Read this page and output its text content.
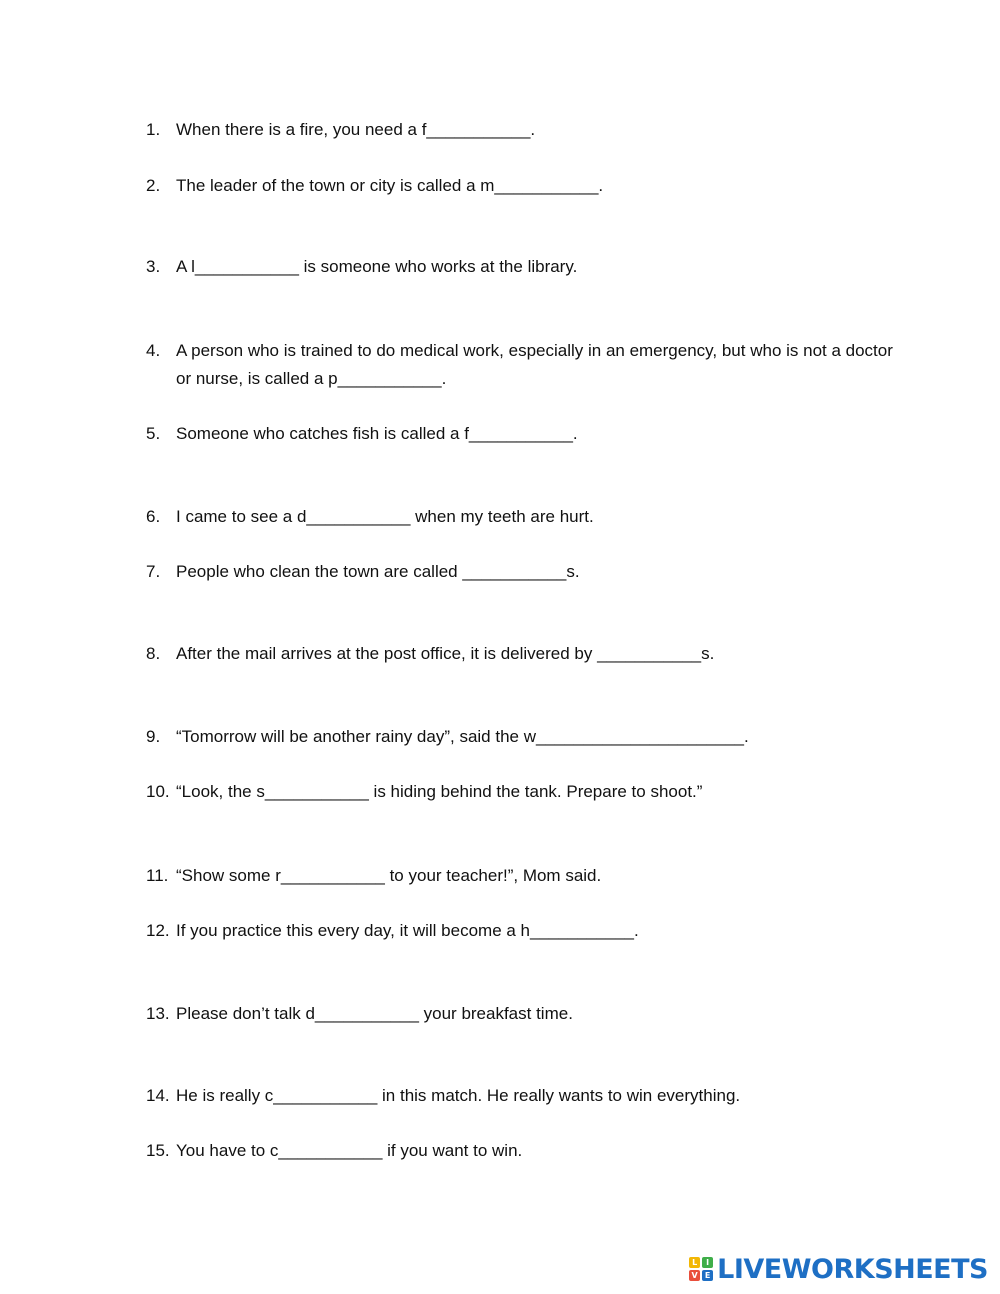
1. When there is a fire, you need a f___________.
2. The leader of the town or city is called a m___________.
3. A l___________ is someone who works at the library.
4. A person who is trained to do medical work, especially in an emergency, but who is not a doctor or nurse, is called a p___________.
5. Someone who catches fish is called a f___________.
6. I came to see a d___________ when my teeth are hurt.
7. People who clean the town are called ___________s.
8. After the mail arrives at the post office, it is delivered by ___________s.
9. “Tomorrow will be another rainy day”, said the w______________________.
10. “Look, the s___________ is hiding behind the tank. Prepare to shoot.”
11. “Show some r___________ to your teacher!”, Mom said.
12. If you practice this every day, it will become a h___________.
13. Please don’t talk d___________ your breakfast time.
14. He is really c___________ in this match. He really wants to win everything.
15. You have to c___________ if you want to win.
L	I
V E LIVEWORKSHEETS
